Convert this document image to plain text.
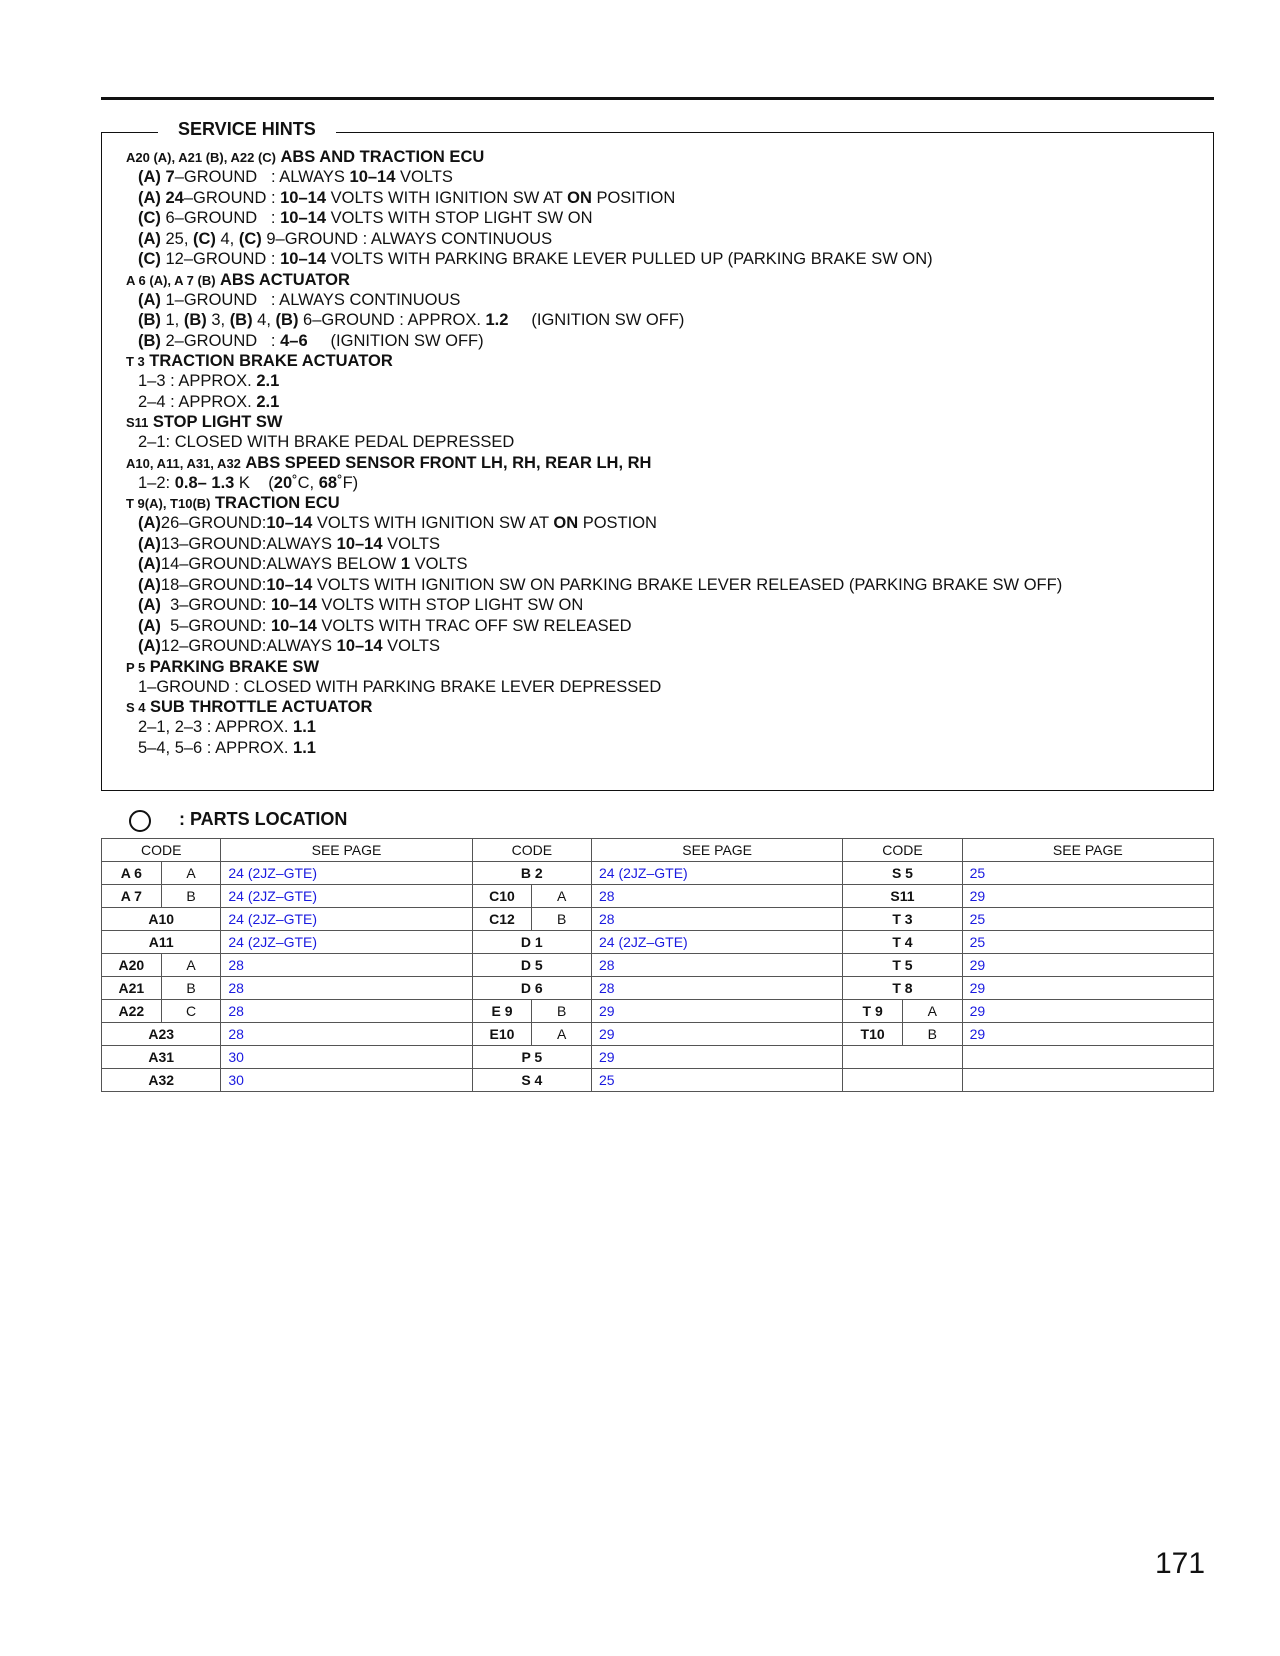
SERVICE HINTS
A20 (A), A21 (B), A22 (C) ABS AND TRACTION ECU
(A) 7–GROUND   : ALWAYS 10–14 VOLTS
(A) 24–GROUND : 10–14 VOLTS WITH IGNITION SW AT ON POSITION
(C) 6–GROUND   : 10–14 VOLTS WITH STOP LIGHT SW ON
(A) 25, (C) 4, (C) 9–GROUND : ALWAYS CONTINUOUS
(C) 12–GROUND : 10–14 VOLTS WITH PARKING BRAKE LEVER PULLED UP (PARKING BRAKE SW ON)
A 6 (A), A 7 (B) ABS ACTUATOR
(A) 1–GROUND   : ALWAYS CONTINUOUS
(B) 1, (B) 3, (B) 4, (B) 6–GROUND : APPROX. 1.2     (IGNITION SW OFF)
(B) 2–GROUND   : 4–6     (IGNITION SW OFF)
T 3 TRACTION BRAKE ACTUATOR
1–3 : APPROX. 2.1
2–4 : APPROX. 2.1
S11 STOP LIGHT SW
2–1: CLOSED WITH BRAKE PEDAL DEPRESSED
A10, A11, A31, A32 ABS SPEED SENSOR FRONT LH, RH, REAR LH, RH
1–2: 0.8– 1.3 K    (20˚C, 68˚F)
T 9(A), T10(B) TRACTION ECU
(A)26–GROUND:10–14 VOLTS WITH IGNITION SW AT ON POSTION
(A)13–GROUND:ALWAYS 10–14 VOLTS
(A)14–GROUND:ALWAYS BELOW 1 VOLTS
(A)18–GROUND:10–14 VOLTS WITH IGNITION SW ON PARKING BRAKE LEVER RELEASED (PARKING BRAKE SW OFF)
(A)  3–GROUND: 10–14 VOLTS WITH STOP LIGHT SW ON
(A)  5–GROUND: 10–14 VOLTS WITH TRAC OFF SW RELEASED
(A)12–GROUND:ALWAYS 10–14 VOLTS
P 5 PARKING BRAKE SW
1–GROUND : CLOSED WITH PARKING BRAKE LEVER DEPRESSED
S 4 SUB THROTTLE ACTUATOR
2–1, 2–3 : APPROX. 1.1
5–4, 5–6 : APPROX. 1.1
: PARTS LOCATION
CODE		SEE PAGE	CODE		SEE PAGE	CODE		SEE PAGE
A 6	A	24 (2JZ–GTE)	B 2		24 (2JZ–GTE)	S 5		25
A 7	B	24 (2JZ–GTE)	C10	A	28	S11		29
A10		24 (2JZ–GTE)	C12	B	28	T 3		25
A11		24 (2JZ–GTE)	D 1		24 (2JZ–GTE)	T 4		25
A20	A	28	D 5		28	T 5		29
A21	B	28	D 6		28	T 8		29
A22	C	28	E 9	B	29	T 9	A	29
A23		28	E10	A	29	T10	B	29
A31		30	P 5		29			
A32		30	S 4		25			
171
